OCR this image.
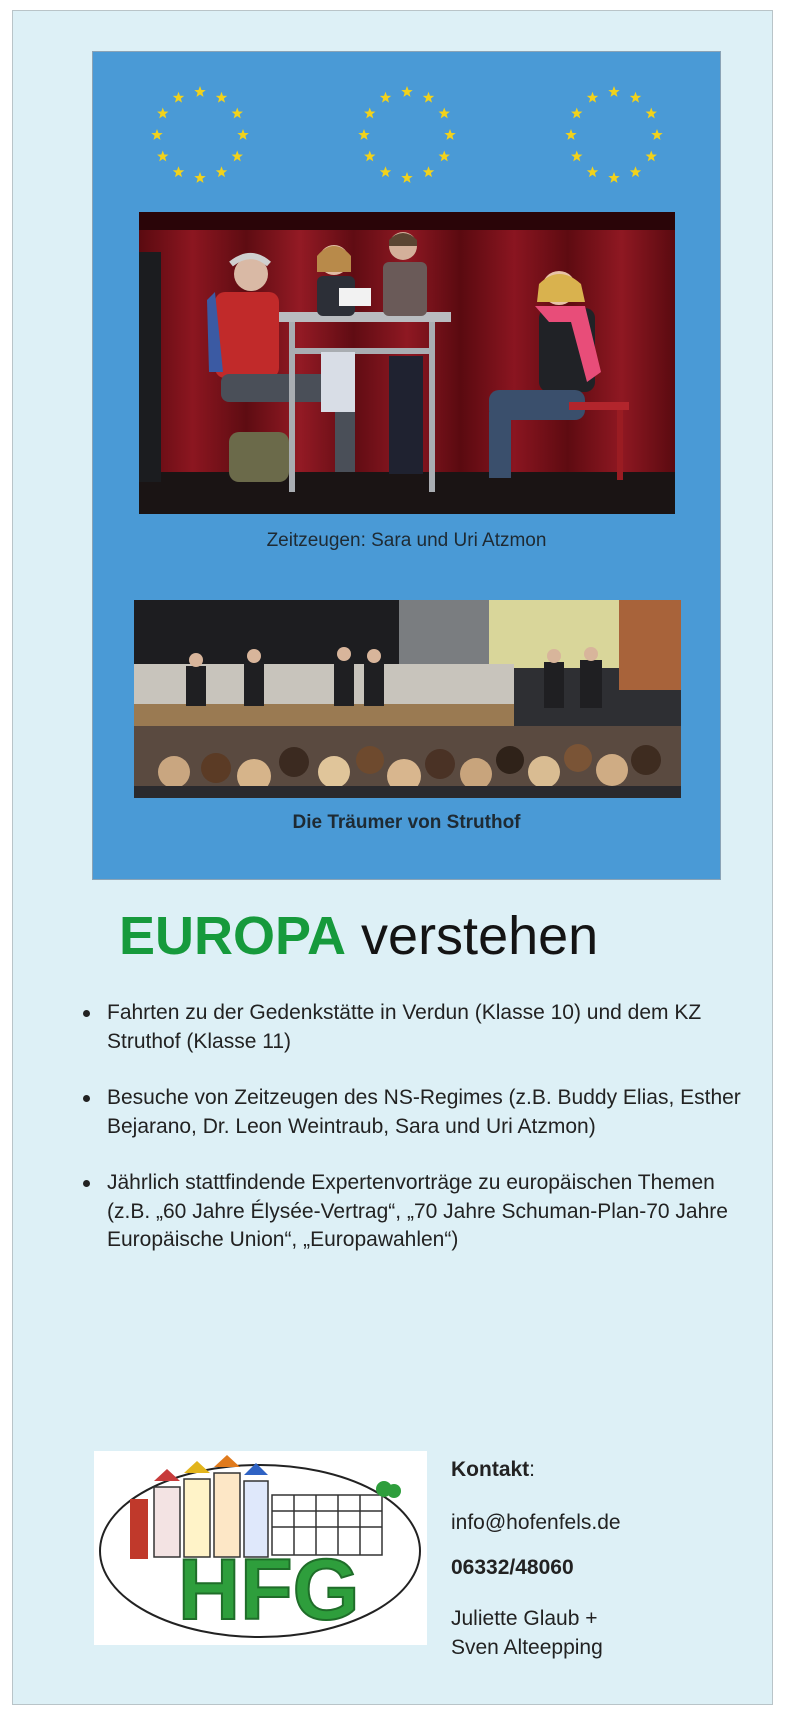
Zeitzeugen: Sara und Uri Atzmon
Die Träumer von Struthof
EUROPA verstehen
Fahrten zu der Gedenkstätte in Verdun (Klasse 10) und dem KZ Struthof (Klasse 11)
Besuche von Zeitzeugen des NS-Regimes (z.B. Buddy Elias, Esther Bejarano, Dr. Leon Weintraub, Sara und Uri Atzmon)
Jährlich stattfindende Expertenvorträge zu europäischen Themen (z.B. „60 Jahre Élysée-Vertrag“, „70 Jahre Schuman-Plan-70 Jahre Europäische Union“, „Europawahlen“)
HFG
Kontakt:
info@hofenfels.de
06332/48060
Juliette Glaub +
Sven Alteepping
